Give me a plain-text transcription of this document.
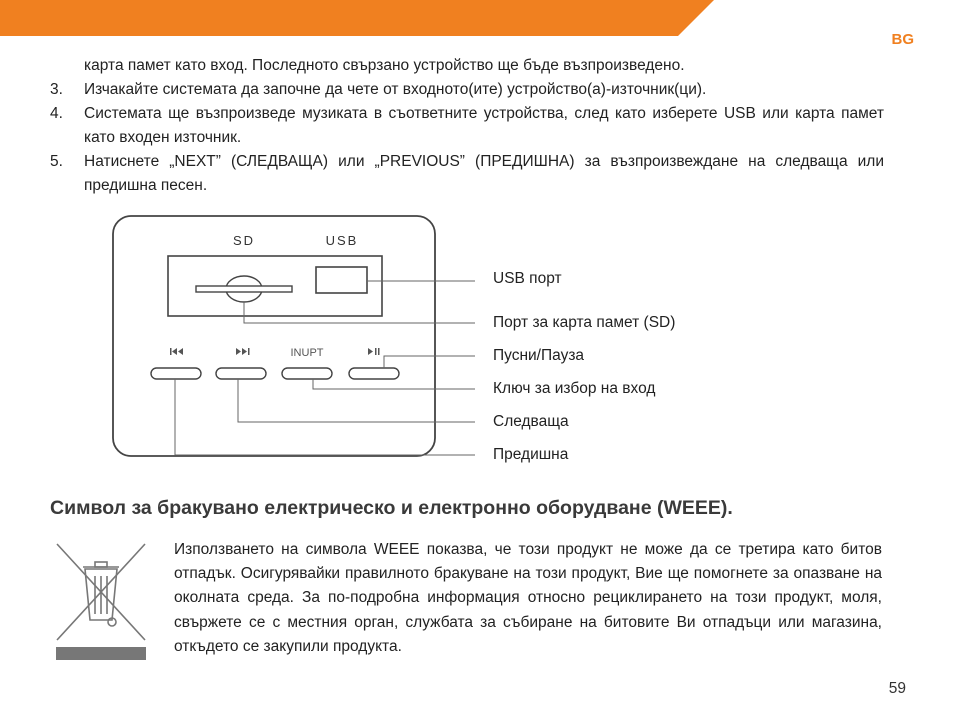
BG
карта памет като вход. Последното свързано устройство ще бъде възпроизведено.
3. Изчакайте системата да започне да чете от входното(ите) устройство(а)-източник(ци).
4. Системата ще възпроизведе музиката в съответните устройства, след като изберете USB или карта памет като входен източник.
5. Натиснете „NEXT” (СЛЕДВАЩА) или „PREVIOUS” (ПРЕДИШНА) за възпроизвеждане на следваща или предишна песен.
SD	USB
INUPT
USB порт
Порт за карта памет (SD)
Пусни/Пауза
Ключ за избор на вход
Следваща
Предишна
Символ за бракувано електрическо и електронно оборудване (WEEE).
Използването на символа WEEE показва, че този продукт не може да се третира като битов отпадък. Осигурявайки правилното бракуване на този продукт, Вие ще помогнете за опазване на околната среда. За по-подробна информация относно рециклирането на този продукт, моля, свържете се с местния орган, службата за събиране на битовите Ви отпадъци или магазина, откъдето се закупили продукта.
59
